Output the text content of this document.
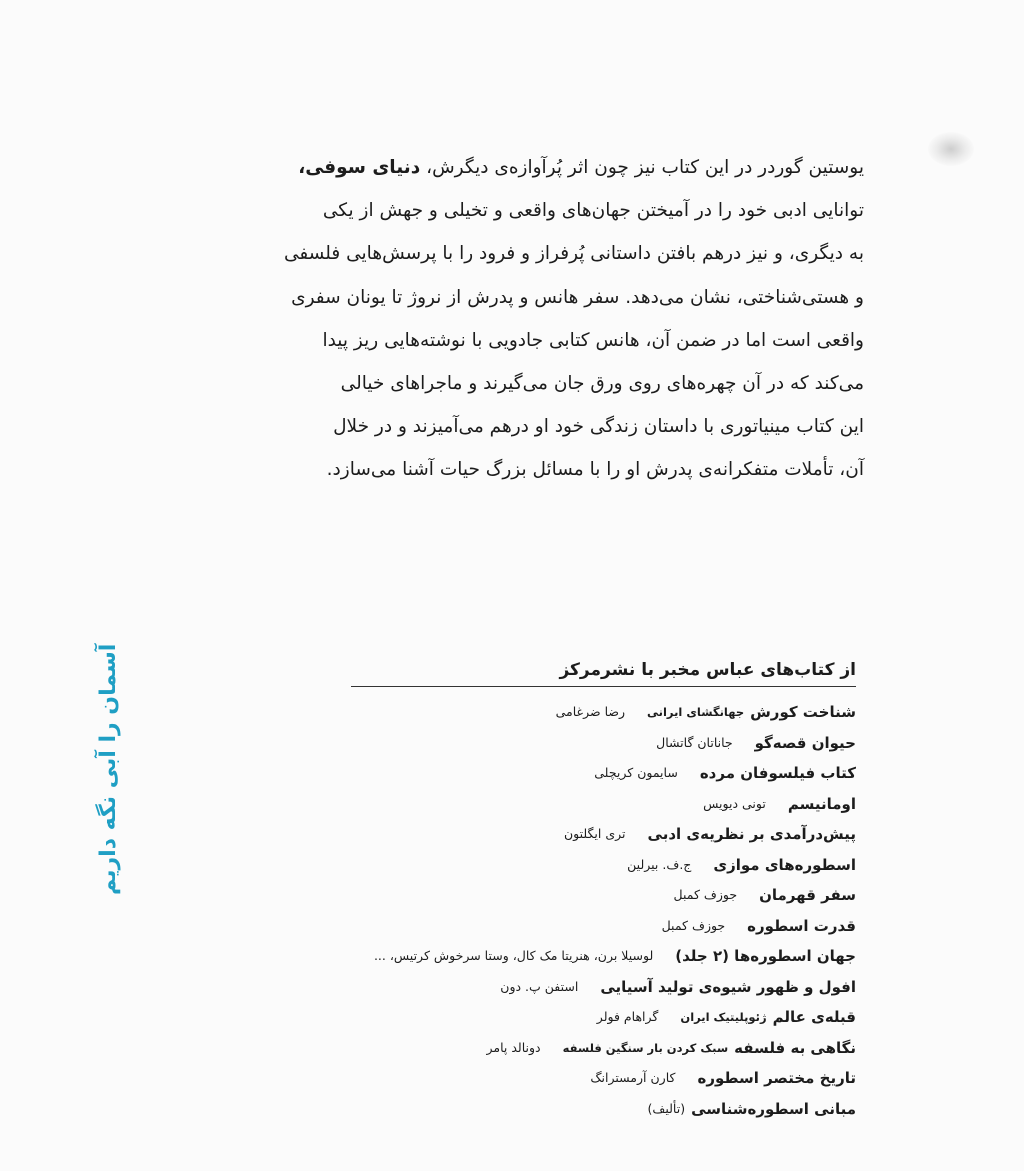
یوستین گوردر در این کتاب نیز چون اثر پُرآوازه‌ی دیگرش، دنیای سوفی،
توانایی ادبی خود را در آمیختن جهان‌های واقعی و تخیلی و جهش از یکی
به دیگری، و نیز درهم بافتن داستانی پُرفراز و فرود را با پرسش‌هایی فلسفی
و هستی‌شناختی، نشان می‌دهد. سفر هانس و پدرش از نروژ تا یونان سفری
واقعی است اما در ضمن آن، هانس کتابی جادویی با نوشته‌هایی ریز پیدا
می‌کند که در آن چهره‌های روی ورق جان می‌گیرند و ماجراهای خیالی
این کتاب مینیاتوری با داستان زندگی خود او درهم می‌آمیزند و در خلال
آن، تأملات متفکرانه‌ی پدرش او را با مسائل بزرگ حیات آشنا می‌سازد.
آسمان را آبی نگه داریم	از کتاب‌های عباس مخبر با نشرمرکز
شناخت کورش
جهانگشای ایرانی
رضا ضرغامی
حیوان قصه‌گو
جاناتان گاتشال
کتاب فیلسوفان مرده
سایمون کریچلی
اومانیسم
تونی دیویس
پیش‌درآمدی بر نظریه‌ی ادبی
تری ایگلتون
اسطوره‌های موازی
ج.ف. بیرلین
سفر قهرمان
جوزف کمبل
قدرت اسطوره
جوزف کمبل
جهان اسطوره‌ها (۲ جلد)
لوسیلا برن، هنریتا مک کال، وستا سرخوش کرتیس، ...
افول و ظهور شیوه‌ی تولید آسیایی
استفن پ. دون
قبله‌ی عالم
ژئوپلیتیک ایران
گراهام فولر
نگاهی به فلسفه
سبک کردن بار سنگین فلسفه
دونالد پامر
تاریخ مختصر اسطوره
کارن آرمسترانگ
مبانی اسطوره‌شناسی
(تألیف)
